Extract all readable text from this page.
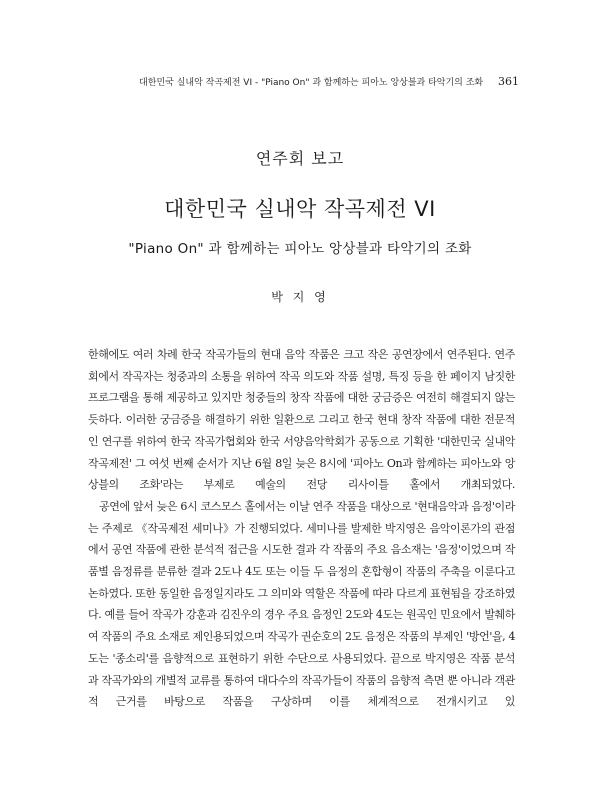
대한민국 실내악 작곡제전 VI - "Piano On" 과 함께하는 피아노 앙상블과 타악기의 조화 361
연주회 보고
대한민국 실내악 작곡제전 VI
"Piano On" 과 함께하는 피아노 앙상블과 타악기의 조화
박 지 영

한해에도 여러 차례 한국 작곡가들의 현대 음악 작품은 크고 작은 공연장에서 연주된다. 연주회에서 작곡자는 청중과의 소통을 위하여 작곡 의도와 작품 설명, 특징 등을 한 페이지 남짓한 프로그램을 통해 제공하고 있지만 청중들의 창작 작품에 대한 궁금증은 여전히 해결되지 않는 듯하다. 이러한 궁금증을 해결하기 위한 일환으로 그리고 한국 현대 창작 작품에 대한 전문적인 연구를 위하여 한국 작곡가협회와 한국 서양음악학회가 공동으로 기획한 '대한민국 실내악 작곡제전' 그 여섯 번째 순서가 지난 6월 8일 늦은 8시에 '피아노 On과 함께하는 피아노와 앙상블의 조화'라는 부제로 예술의 전당 리사이틀 홀에서 개최되었다.

공연에 앞서 늦은 6시 코스모스 홀에서는 이날 연주 작품을 대상으로 '현대음악과 음정'이라는 주제로 《작곡제전 세미나》가 진행되었다. 세미나를 발제한 박지영은 음악이론가의 관점에서 공연 작품에 관한 분석적 접근을 시도한 결과 각 작품의 주요 음소재는 '음정'이었으며 작품별 음정류를 분류한 결과 2도나 4도 또는 이들 두 음정의 혼합형이 작품의 주축을 이룬다고 논하였다. 또한 동일한 음정일지라도 그 의미와 역할은 작품에 따라 다르게 표현됨을 강조하였다. 예를 들어 작곡가 강훈과 김진우의 경우 주요 음정인 2도와 4도는 원곡인 민요에서 발췌하여 작품의 주요 소재로 제인용되었으며 작곡가 권순호의 2도 음정은 작품의 부제인 '방언'을, 4도는 '종소리'를 음향적으로 표현하기 위한 수단으로 사용되었다. 끝으로 박지영은 작품 분석과 작곡가와의 개별적 교류를 통하여 대다수의 작곡가들이 작품의 음향적 측면 뿐 아니라 객관적 근거를 바탕으로 작품을 구상하며 이를 체계적으로 전개시키고 있
